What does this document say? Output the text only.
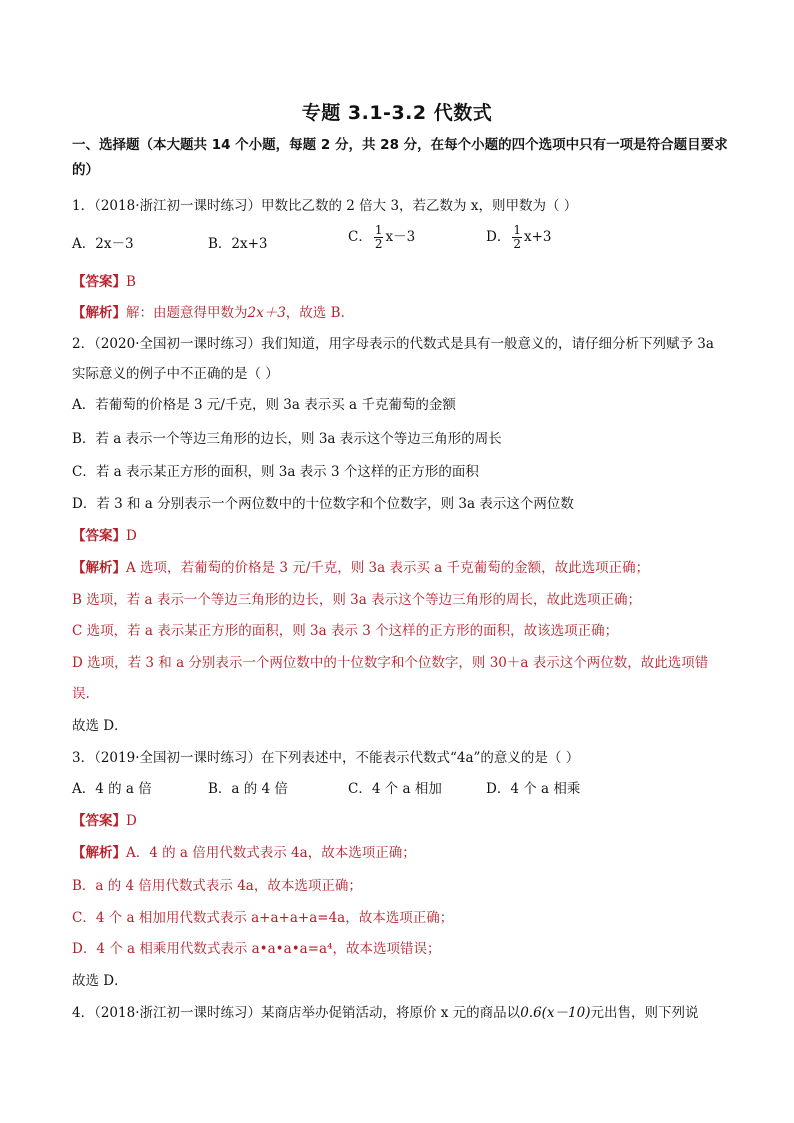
专题 3.1-3.2 代数式
一、选择题（本大题共 14 个小题，每题 2 分，共 28 分，在每个小题的四个选项中只有一项是符合题目要求的）
1．（2018·浙江初一课时练习）甲数比乙数的 2 倍大 3，若乙数为 x，则甲数为（ ）
A．2x－3	B．2x+3	C． $\frac{1}{2} x-3$	D． $\frac{1}{2} x+3$
【答案】B
【解析】解：由题意得甲数为2x＋3，故选 B.
2．（2020·全国初一课时练习）我们知道，用字母表示的代数式是具有一般意义的，请仔细分析下列赋予 3a
实际意义的例子中不正确的是（ ）
A．若葡萄的价格是 3 元/千克，则 3a 表示买 a 千克葡萄的金额
B．若 a 表示一个等边三角形的边长，则 3a 表示这个等边三角形的周长
C．若 a 表示某正方形的面积，则 3a 表示 3 个这样的正方形的面积
D．若 3 和 a 分别表示一个两位数中的十位数字和个位数字，则 3a 表示这个两位数
【答案】D
【解析】A 选项，若葡萄的价格是 3 元/千克，则 3a 表示买 a 千克葡萄的金额，故此选项正确；
B 选项，若 a 表示一个等边三角形的边长，则 3a 表示这个等边三角形的周长，故此选项正确；
C 选项，若 a 表示某正方形的面积，则 3a 表示 3 个这样的正方形的面积，故该选项正确；
D 选项，若 3 和 a 分别表示一个两位数中的十位数字和个位数字，则 30＋a 表示这个两位数，故此选项错
误.
故选 D．
3．（2019·全国初一课时练习）在下列表述中，不能表示代数式“4a”的意义的是（ ）
A．4 的 a 倍	B．a 的 4 倍	C．4 个 a 相加	D．4 个 a 相乘
【答案】D
【解析】A．4 的 a 倍用代数式表示 4a，故本选项正确；
B．a 的 4 倍用代数式表示 4a，故本选项正确；
C．4 个 a 相加用代数式表示 a+a+a+a=4a，故本选项正确；
D．4 个 a 相乘用代数式表示 a•a•a•a=a⁴，故本选项错误；
故选 D．
4．（2018·浙江初一课时练习）某商店举办促销活动，将原价 x 元的商品以0.6(x－10)元出售，则下列说
